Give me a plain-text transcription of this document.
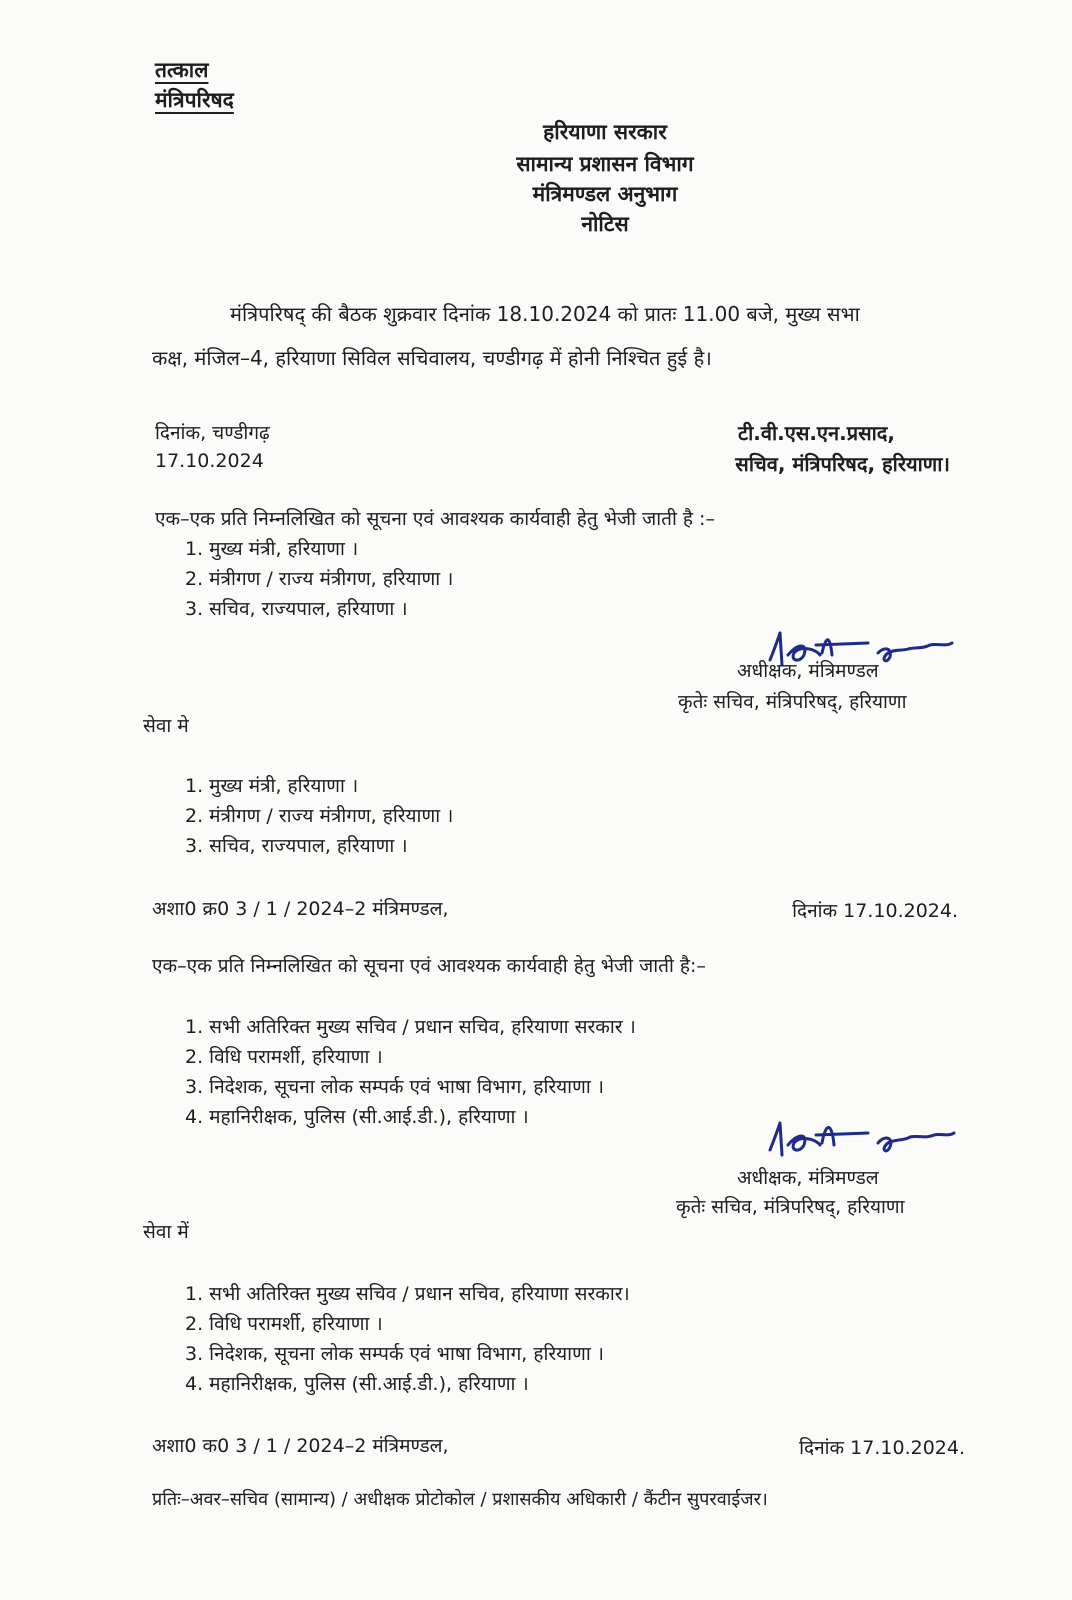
तत्काल
मंत्रिपरिषद
हरियाणा सरकार
सामान्य प्रशासन विभाग
मंत्रिमण्डल अनुभाग
नोटिस
मंत्रिपरिषद् की बैठक शुक्रवार दिनांक 18.10.2024 को प्रातः 11.00 बजे, मुख्य सभा
कक्ष, मंजिल–4, हरियाणा सिविल सचिवालय, चण्डीगढ़ में होनी निश्चित हुई है।
दिनांक, चण्डीगढ़
17.10.2024
टी.वी.एस.एन.प्रसाद,
सचिव, मंत्रिपरिषद, हरियाणा।
एक–एक प्रति निम्नलिखित को सूचना एवं आवश्यक कार्यवाही हेतु भेजी जाती है :–
1. मुख्य मंत्री, हरियाणा ।
2. मंत्रीगण / राज्य मंत्रीगण, हरियाणा ।
3. सचिव, राज्यपाल, हरियाणा ।
अधीक्षक, मंत्रिमण्डल
कृतेः सचिव, मंत्रिपरिषद्, हरियाणा
सेवा मे
1. मुख्य मंत्री, हरियाणा ।
2. मंत्रीगण / राज्य मंत्रीगण, हरियाणा ।
3. सचिव, राज्यपाल, हरियाणा ।
अशा0 क्र0 3 / 1 / 2024–2 मंत्रिमण्डल,	दिनांक 17.10.2024.
एक–एक प्रति निम्नलिखित को सूचना एवं आवश्यक कार्यवाही हेतु भेजी जाती है:–
1. सभी अतिरिक्त मुख्य सचिव / प्रधान सचिव, हरियाणा सरकार ।
2. विधि परामर्शी, हरियाणा ।
3. निदेशक, सूचना लोक सम्पर्क एवं भाषा विभाग, हरियाणा ।
4. महानिरीक्षक, पुलिस (सी.आई.डी.), हरियाणा ।
अधीक्षक, मंत्रिमण्डल
कृतेः सचिव, मंत्रिपरिषद्, हरियाणा
सेवा में
1. सभी अतिरिक्त मुख्य सचिव / प्रधान सचिव, हरियाणा सरकार।
2. विधि परामर्शी, हरियाणा ।
3. निदेशक, सूचना लोक सम्पर्क एवं भाषा विभाग, हरियाणा ।
4. महानिरीक्षक, पुलिस (सी.आई.डी.), हरियाणा ।
अशा0 क0 3 / 1 / 2024–2 मंत्रिमण्डल,	दिनांक 17.10.2024.
प्रतिः–अवर–सचिव (सामान्य) / अधीक्षक प्रोटोकोल / प्रशासकीय अधिकारी / कैंटीन सुपरवाईजर।
